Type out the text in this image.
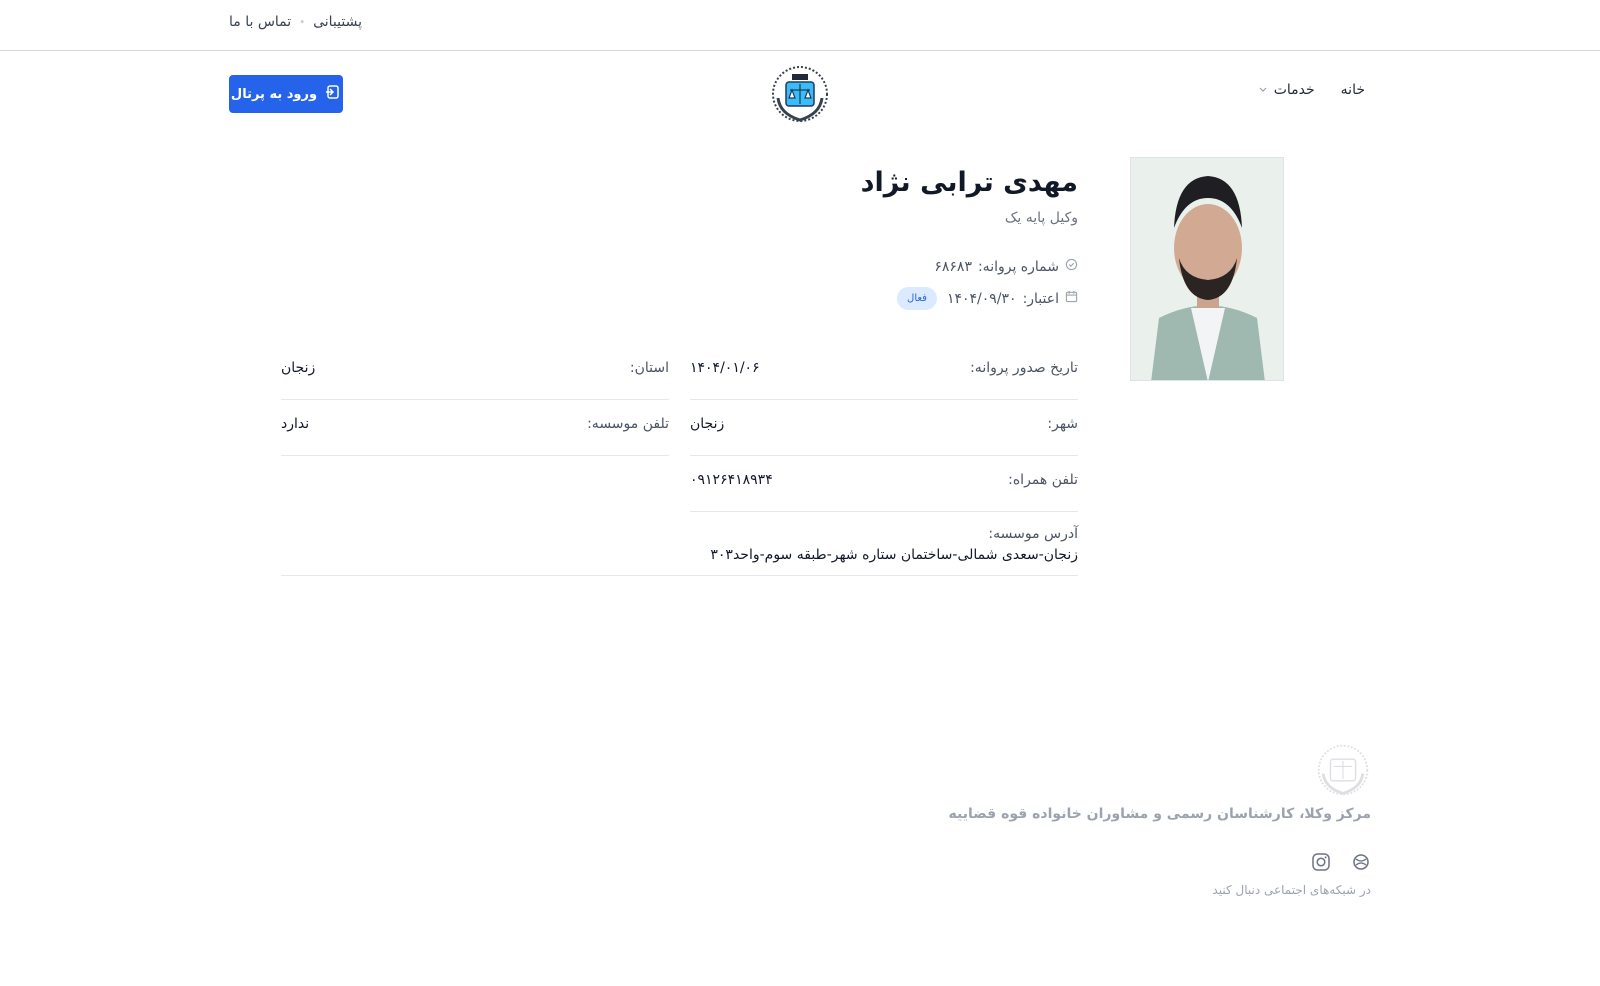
پشتیبانی
•
تماس با ما
ورود به پرتال	خانه
خدمات
مهدی ترابی نژاد
وکیل پایه یک
شماره پروانه:
۶۸۶۸۳
اعتبار:
۱۴۰۴/۰۹/۳۰
فعال
تاریخ صدور پروانه:
۱۴۰۴/۰۱/۰۶
استان:
زنجان
شهر:
زنجان
تلفن موسسه:
ندارد
تلفن همراه:
۰۹۱۲۶۴۱۸۹۳۴
آدرس موسسه:
زنجان-سعدی شمالی-ساختمان ستاره شهر-طبقه سوم-واحد۳۰۳
مرکز وکلا، کارشناسان رسمی و مشاوران خانواده قوه قضاییه
در شبکه‌های اجتماعی دنبال کنید
